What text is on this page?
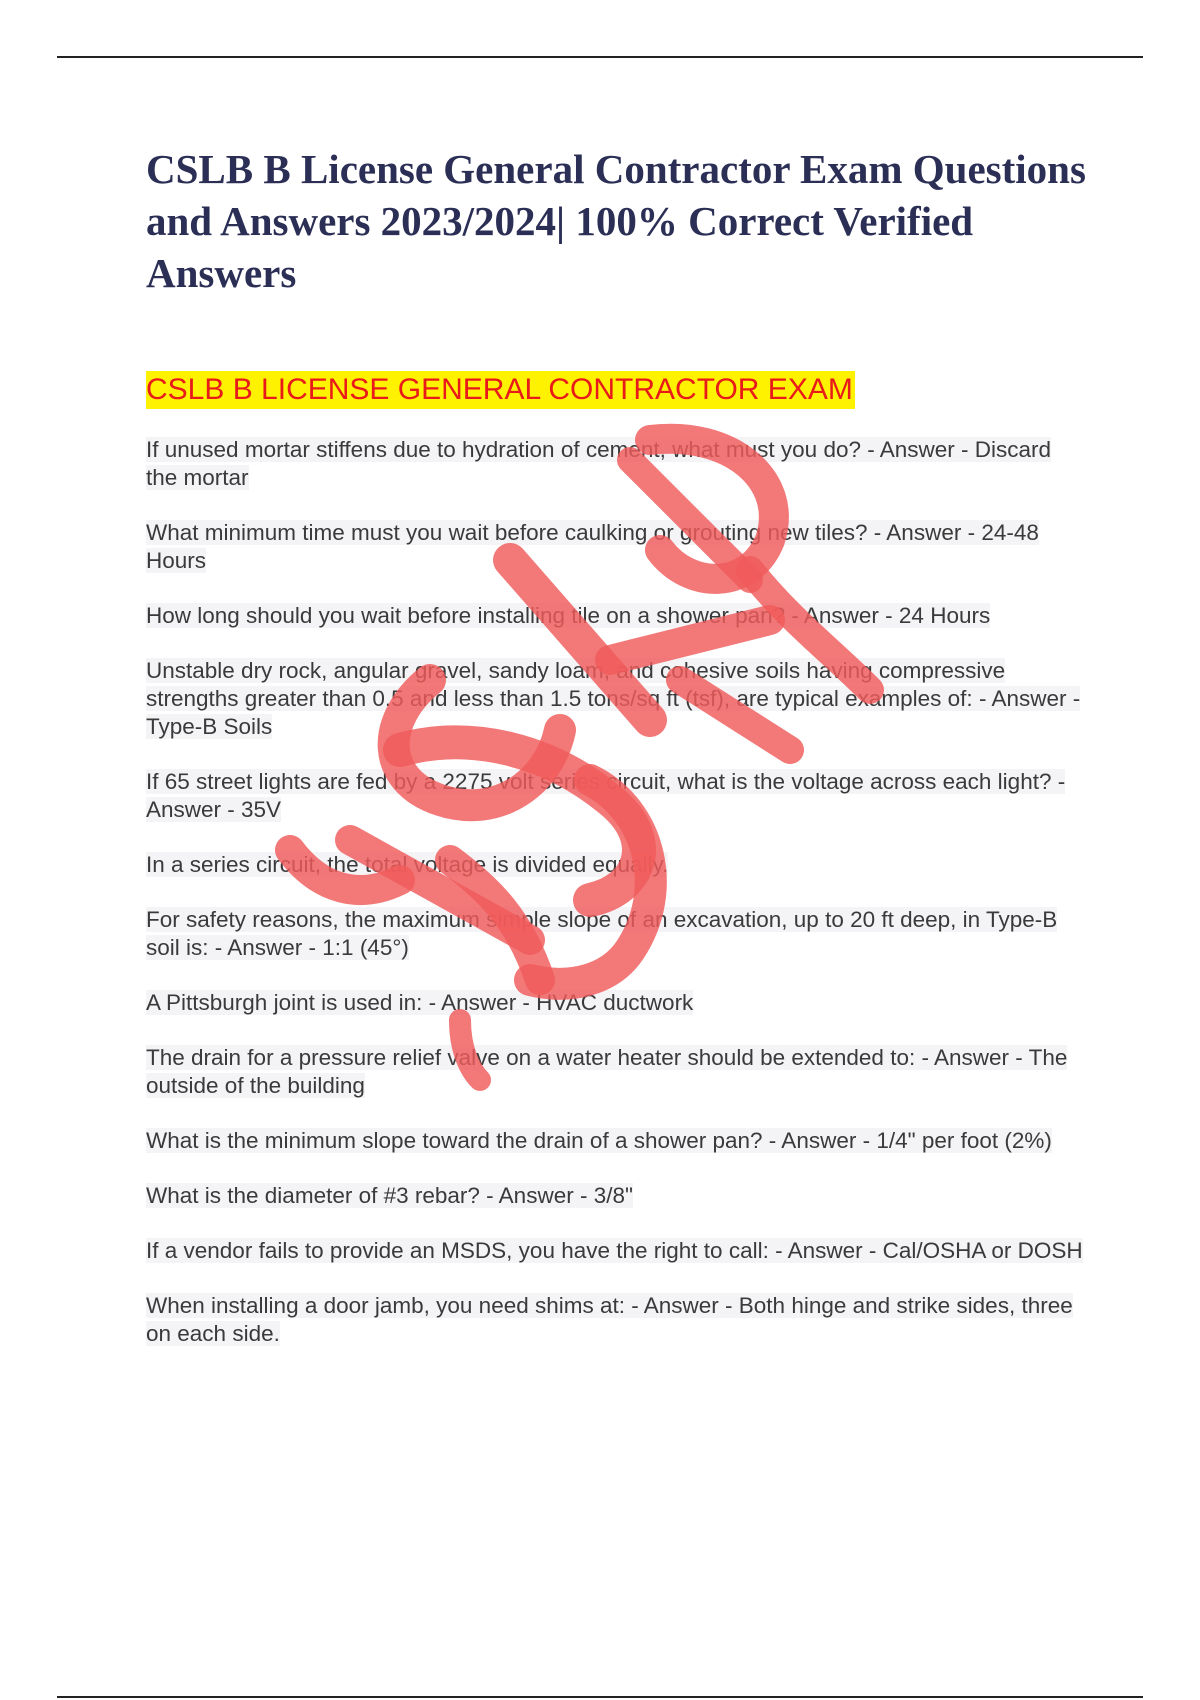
CSLB B License General Contractor Exam Questions and Answers 2023/2024| 100% Correct Verified Answers
CSLB B LICENSE GENERAL CONTRACTOR EXAM
If unused mortar stiffens due to hydration of cement, what must you do? - Answer - Discard the mortar
What minimum time must you wait before caulking or grouting new tiles? - Answer - 24-48 Hours
How long should you wait before installing tile on a shower pan? - Answer - 24 Hours
Unstable dry rock, angular gravel, sandy loam, and cohesive soils having compressive strengths greater than 0.5 and less than 1.5 tons/sq ft (tsf), are typical examples of: - Answer - Type-B Soils
If 65 street lights are fed by a 2275 volt series circuit, what is the voltage across each light? - Answer - 35V
In a series circuit, the total voltage is divided equally.
For safety reasons, the maximum simple slope of an excavation, up to 20 ft deep, in Type-B soil is: - Answer - 1:1 (45°)
A Pittsburgh joint is used in: - Answer - HVAC ductwork
The drain for a pressure relief valve on a water heater should be extended to: - Answer - The outside of the building
What is the minimum slope toward the drain of a shower pan? - Answer - 1/4" per foot (2%)
What is the diameter of #3 rebar? - Answer - 3/8"
If a vendor fails to provide an MSDS, you have the right to call: - Answer - Cal/OSHA or DOSH
When installing a door jamb, you need shims at: - Answer - Both hinge and strike sides, three on each side.
